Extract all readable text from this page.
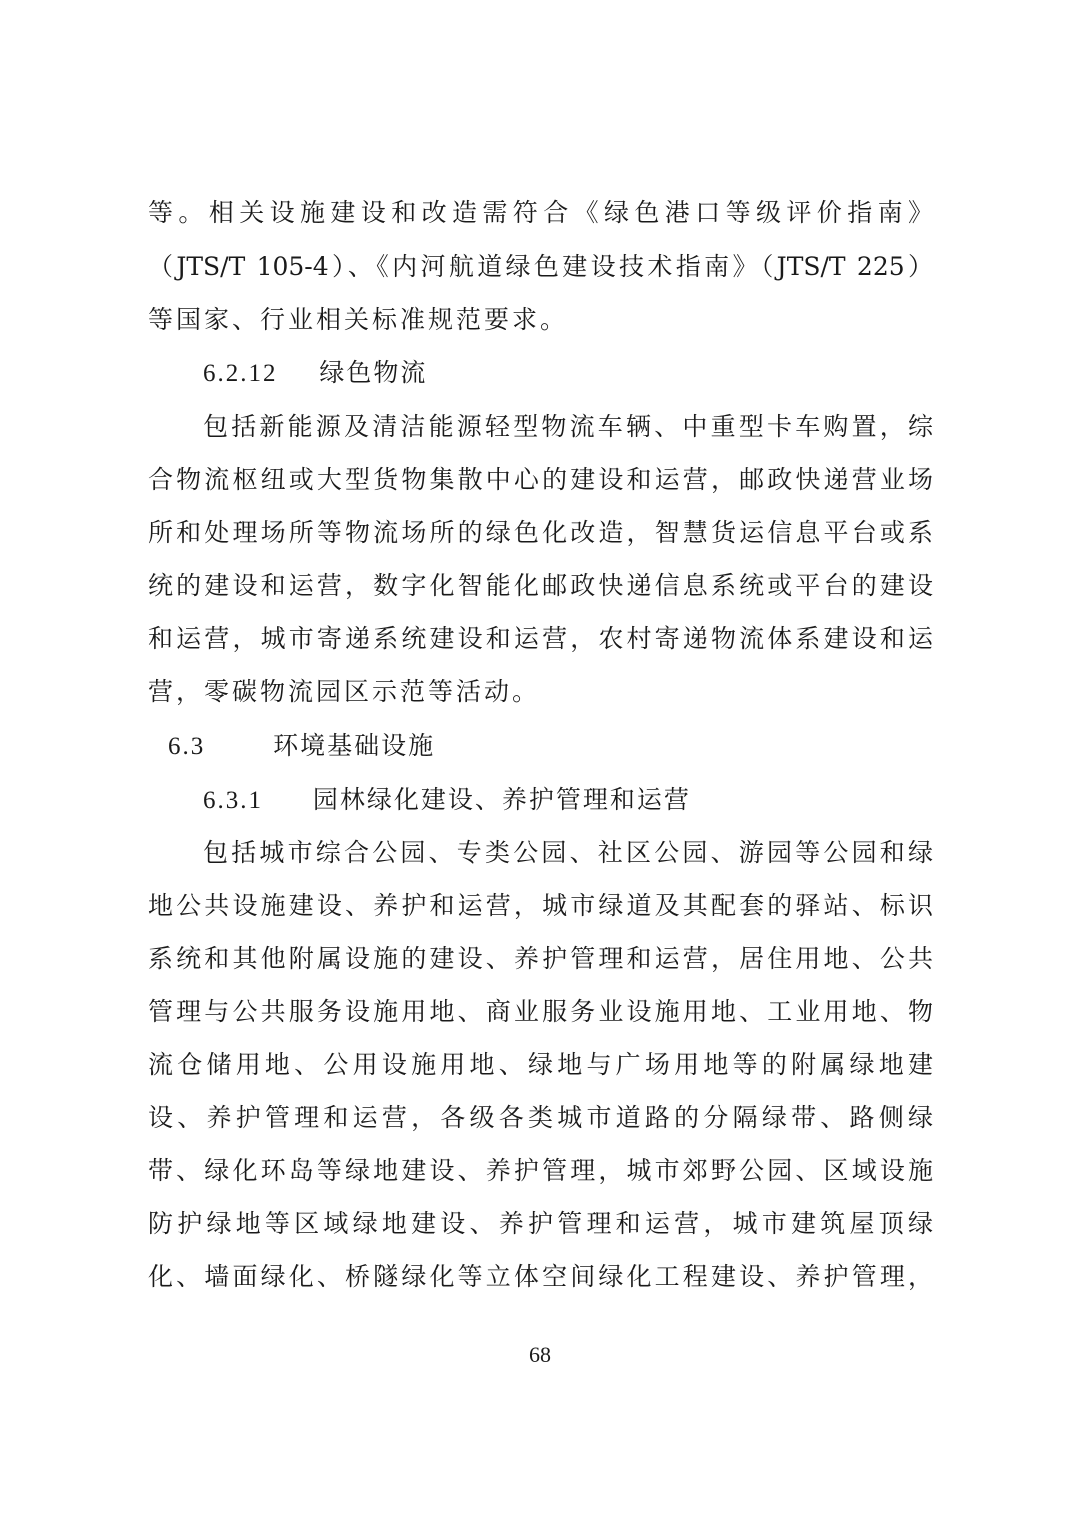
等。相关设施建设和改造需符合《绿色港口等级评价指南》
（JTS/T 105-4）、《内河航道绿色建设技术指南》（JTS/T 225）
等国家、行业相关标准规范要求。
6.2.12 绿色物流
包括新能源及清洁能源轻型物流车辆、中重型卡车购置，综
合物流枢纽或大型货物集散中心的建设和运营，邮政快递营业场
所和处理场所等物流场所的绿色化改造，智慧货运信息平台或系
统的建设和运营，数字化智能化邮政快递信息系统或平台的建设
和运营，城市寄递系统建设和运营，农村寄递物流体系建设和运
营，零碳物流园区示范等活动。
6.3	环境基础设施
6.3.1 园林绿化建设、养护管理和运营
包括城市综合公园、专类公园、社区公园、游园等公园和绿
地公共设施建设、养护和运营，城市绿道及其配套的驿站、标识
系统和其他附属设施的建设、养护管理和运营，居住用地、公共
管理与公共服务设施用地、商业服务业设施用地、工业用地、物
流仓储用地、公用设施用地、绿地与广场用地等的附属绿地建
设、养护管理和运营，各级各类城市道路的分隔绿带、路侧绿
带、绿化环岛等绿地建设、养护管理，城市郊野公园、区域设施
防护绿地等区域绿地建设、养护管理和运营，城市建筑屋顶绿
化、墙面绿化、桥隧绿化等立体空间绿化工程建设、养护管理，
68
